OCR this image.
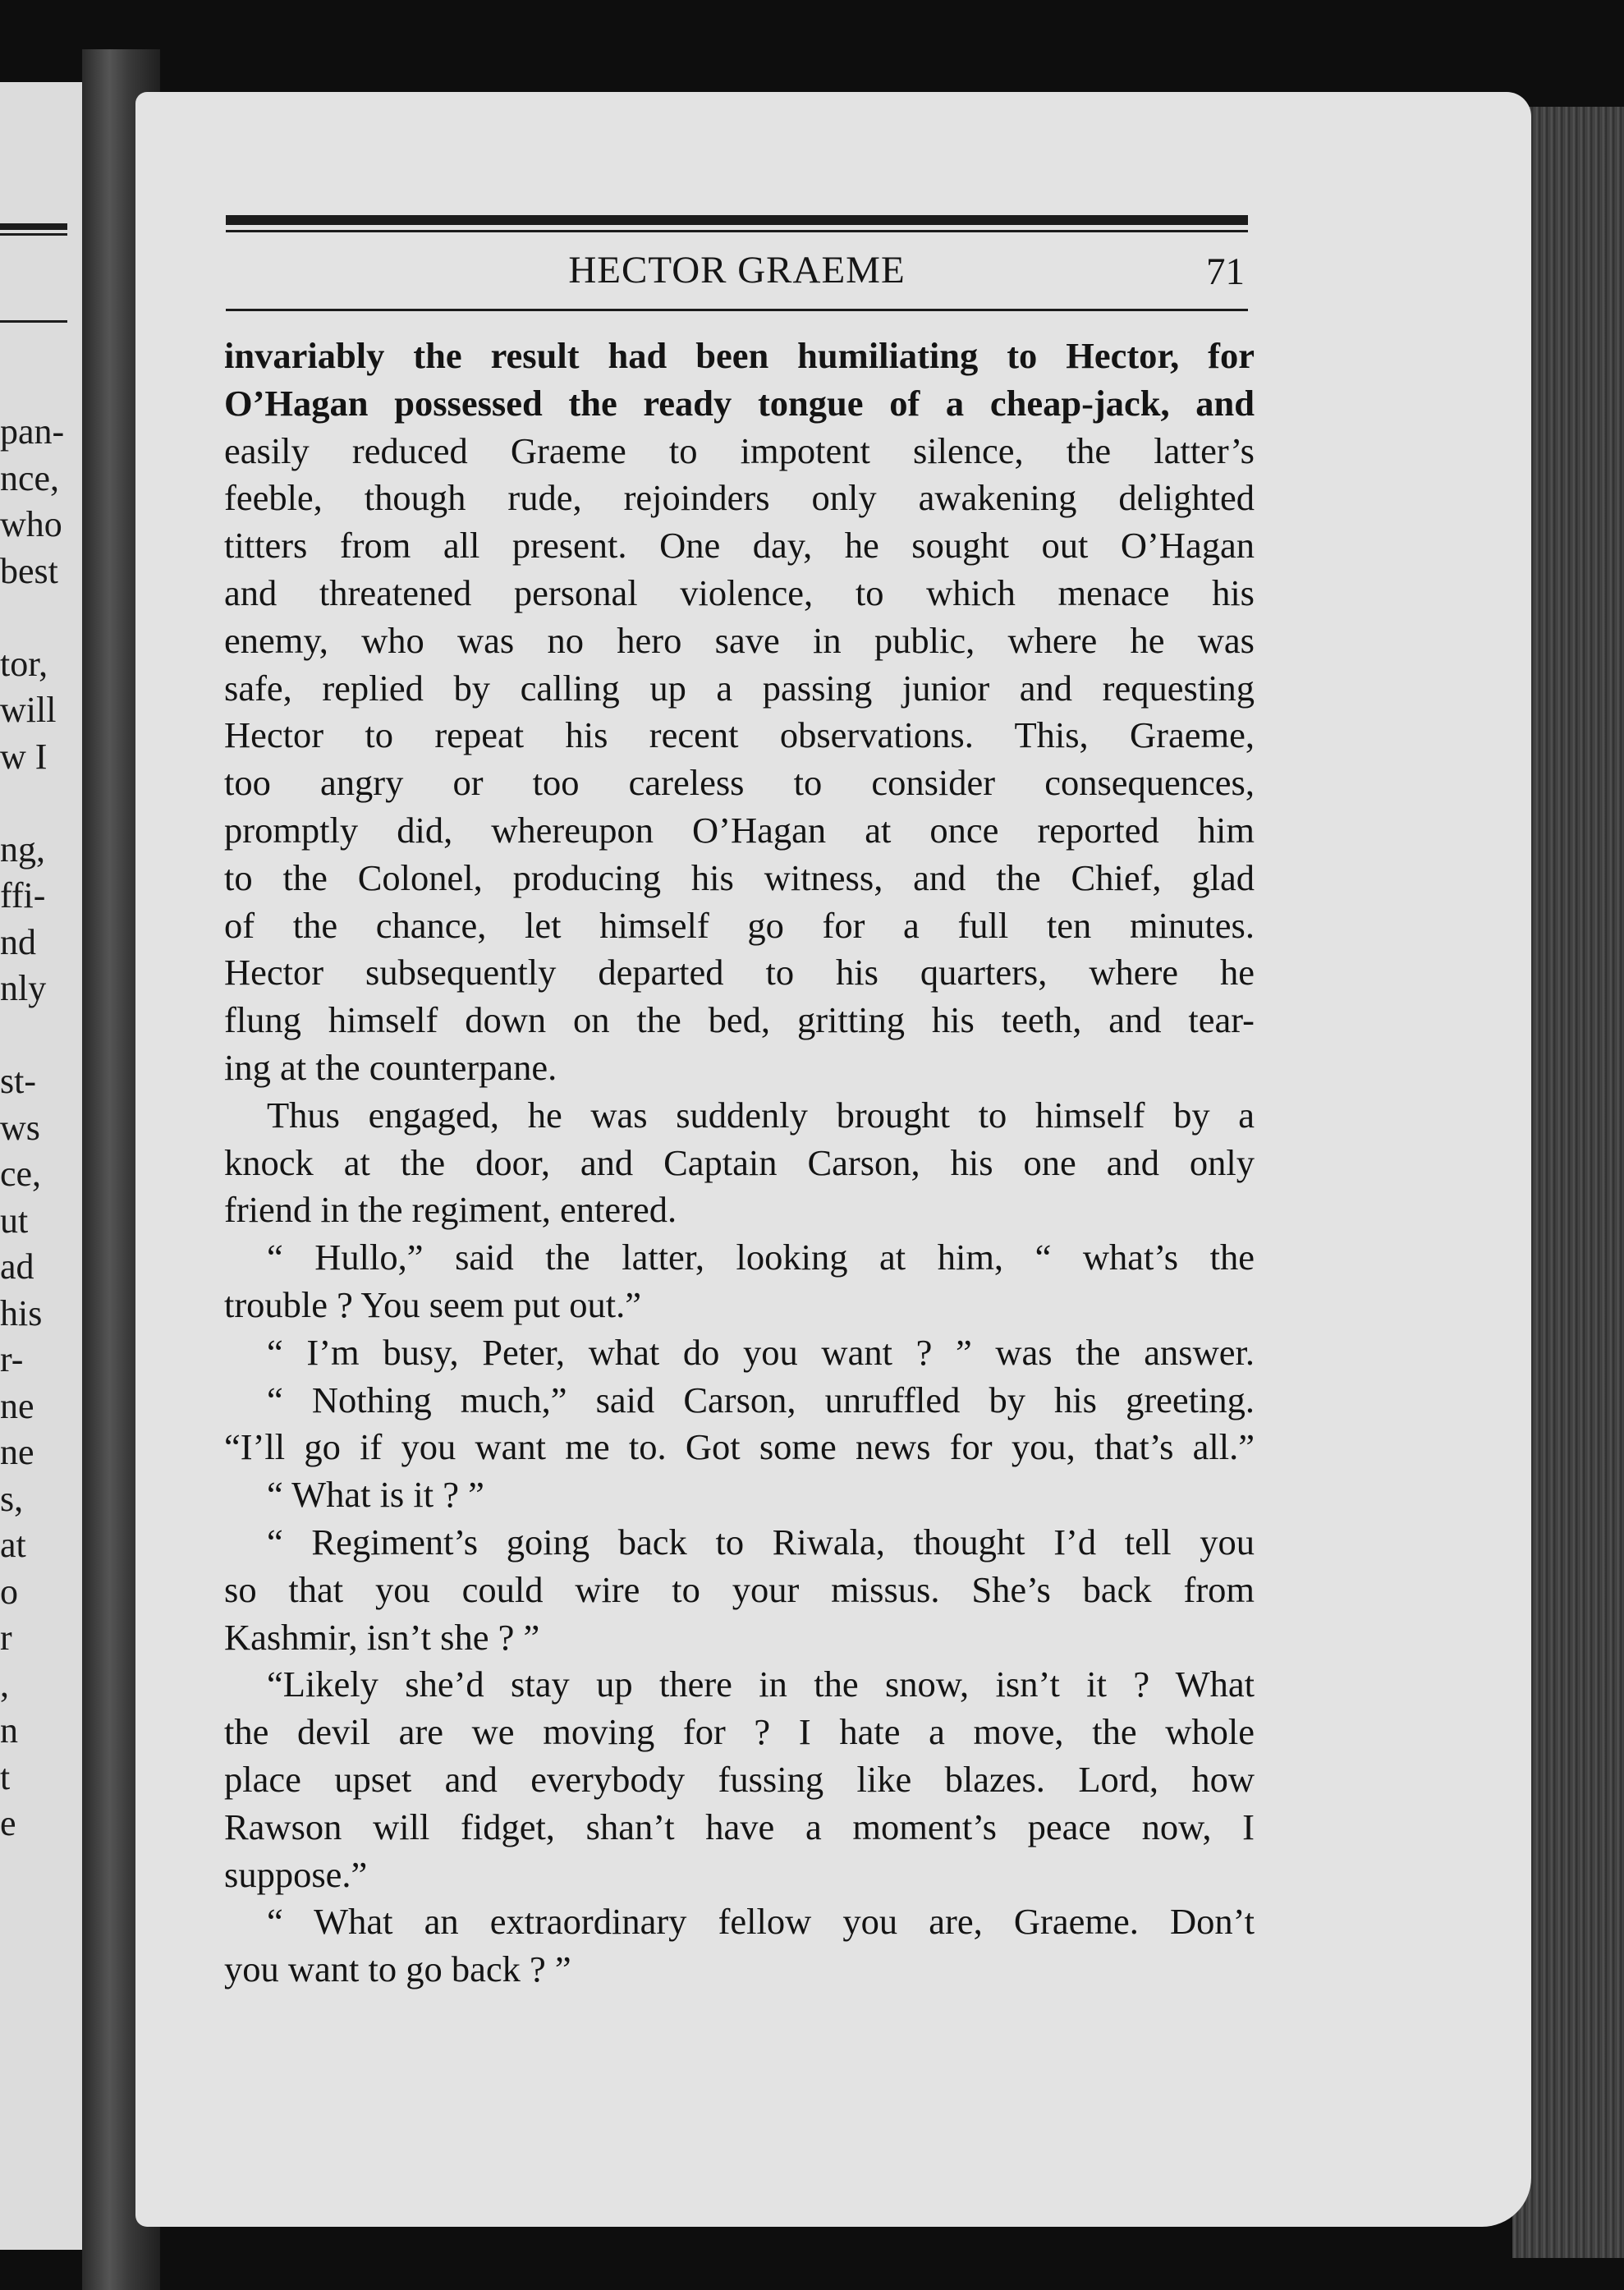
pan-
nce,
who
best
tor,
will
w I
ng,
ffi-
nd
nly
st-
ws
ce,
ut
ad
his
r-
ne
ne
s,
at
o
r
,
n
t
e
HECTOR GRAEME	71
invariably the result had been humiliating to Hector, for
O’Hagan possessed the ready tongue of a cheap-jack, and
easily reduced Graeme to impotent silence, the latter’s
feeble, though rude, rejoinders only awakening delighted
titters from all present. One day, he sought out O’Hagan
and threatened personal violence, to which menace his
enemy, who was no hero save in public, where he was
safe, replied by calling up a passing junior and requesting
Hector to repeat his recent observations. This, Graeme,
too angry or too careless to consider consequences,
promptly did, whereupon O’Hagan at once reported him
to the Colonel, producing his witness, and the Chief, glad
of the chance, let himself go for a full ten minutes.
Hector subsequently departed to his quarters, where he
flung himself down on the bed, gritting his teeth, and tear-
ing at the counterpane.
Thus engaged, he was suddenly brought to himself by a
knock at the door, and Captain Carson, his one and only
friend in the regiment, entered.
“ Hullo,” said the latter, looking at him, “ what’s the
trouble ? You seem put out.”
“ I’m busy, Peter, what do you want ? ” was the answer.
“ Nothing much,” said Carson, unruffled by his greeting.
“I’ll go if you want me to. Got some news for you, that’s all.”
“ What is it ? ”
“ Regiment’s going back to Riwala, thought I’d tell you
so that you could wire to your missus. She’s back from
Kashmir, isn’t she ? ”
“Likely she’d stay up there in the snow, isn’t it ? What
the devil are we moving for ? I hate a move, the whole
place upset and everybody fussing like blazes. Lord, how
Rawson will fidget, shan’t have a moment’s peace now, I
suppose.”
“ What an extraordinary fellow you are, Graeme. Don’t
you want to go back ? ”
